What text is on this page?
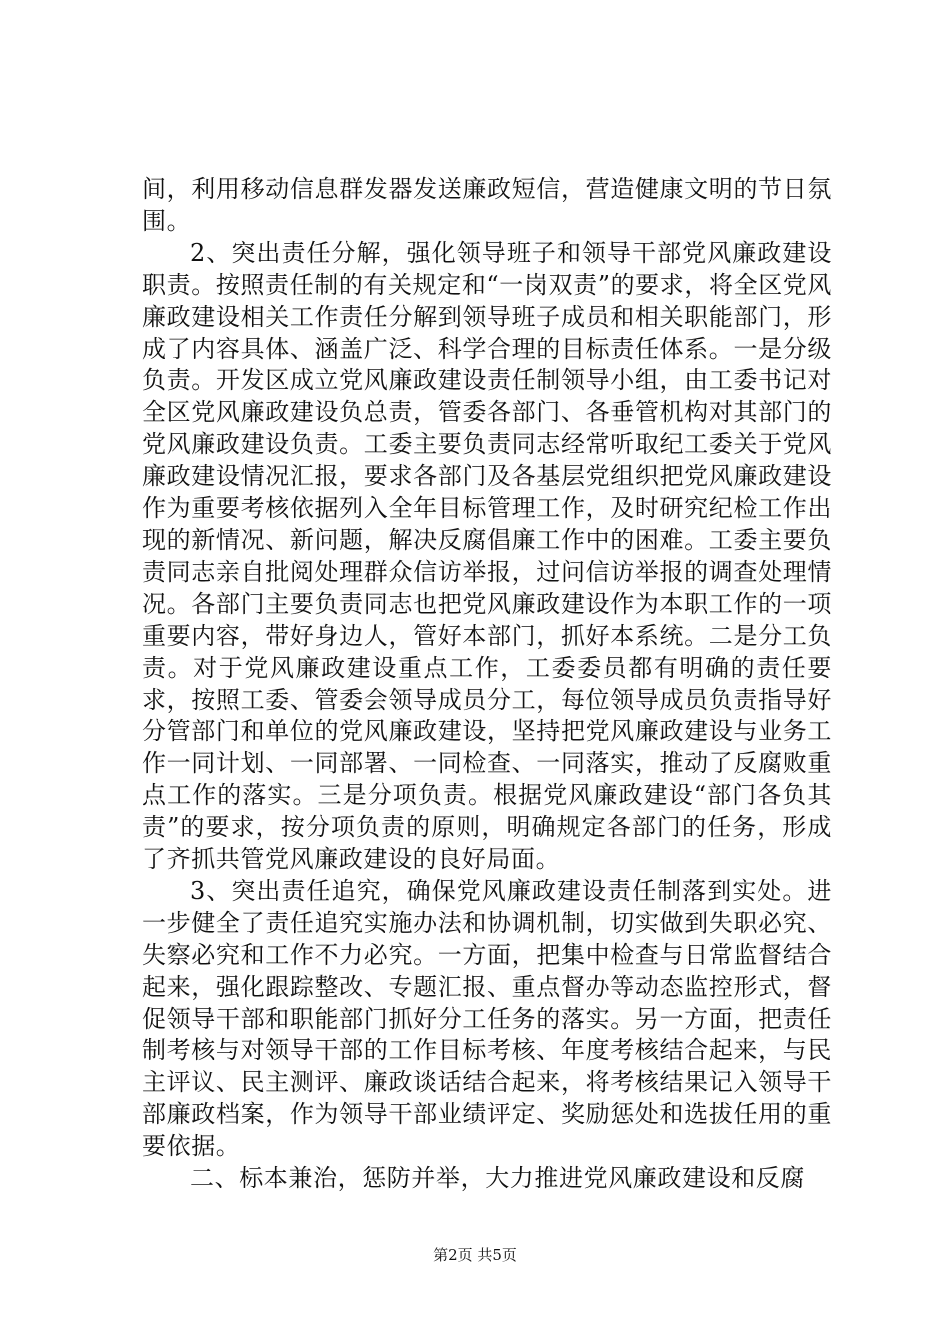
间，利用移动信息群发器发送廉政短信，营造健康文明的节日氛围。

2、突出责任分解，强化领导班子和领导干部党风廉政建设职责。按照责任制的有关规定和“一岗双责”的要求，将全区党风廉政建设相关工作责任分解到领导班子成员和相关职能部门，形成了内容具体、涵盖广泛、科学合理的目标责任体系。一是分级负责。开发区成立党风廉政建设责任制领导小组，由工委书记对全区党风廉政建设负总责，管委各部门、各垂管机构对其部门的党风廉政建设负责。工委主要负责同志经常听取纪工委关于党风廉政建设情况汇报，要求各部门及各基层党组织把党风廉政建设作为重要考核依据列入全年目标管理工作，及时研究纪检工作出现的新情况、新问题，解决反腐倡廉工作中的困难。工委主要负责同志亲自批阅处理群众信访举报，过问信访举报的调查处理情况。各部门主要负责同志也把党风廉政建设作为本职工作的一项重要内容，带好身边人，管好本部门，抓好本系统。二是分工负责。对于党风廉政建设重点工作，工委委员都有明确的责任要求，按照工委、管委会领导成员分工，每位领导成员负责指导好分管部门和单位的党风廉政建设，坚持把党风廉政建设与业务工作一同计划、一同部署、一同检查、一同落实，推动了反腐败重点工作的落实。三是分项负责。根据党风廉政建设“部门各负其责”的要求，按分项负责的原则，明确规定各部门的任务，形成了齐抓共管党风廉政建设的良好局面。

3、突出责任追究，确保党风廉政建设责任制落到实处。进一步健全了责任追究实施办法和协调机制，切实做到失职必究、失察必究和工作不力必究。一方面，把集中检查与日常监督结合起来，强化跟踪整改、专题汇报、重点督办等动态监控形式，督促领导干部和职能部门抓好分工任务的落实。另一方面，把责任制考核与对领导干部的工作目标考核、年度考核结合起来，与民主评议、民主测评、廉政谈话结合起来，将考核结果记入领导干部廉政档案，作为领导干部业绩评定、奖励惩处和选拔任用的重要依据。

二、标本兼治，惩防并举，大力推进党风廉政建设和反腐

第2页 共5页
